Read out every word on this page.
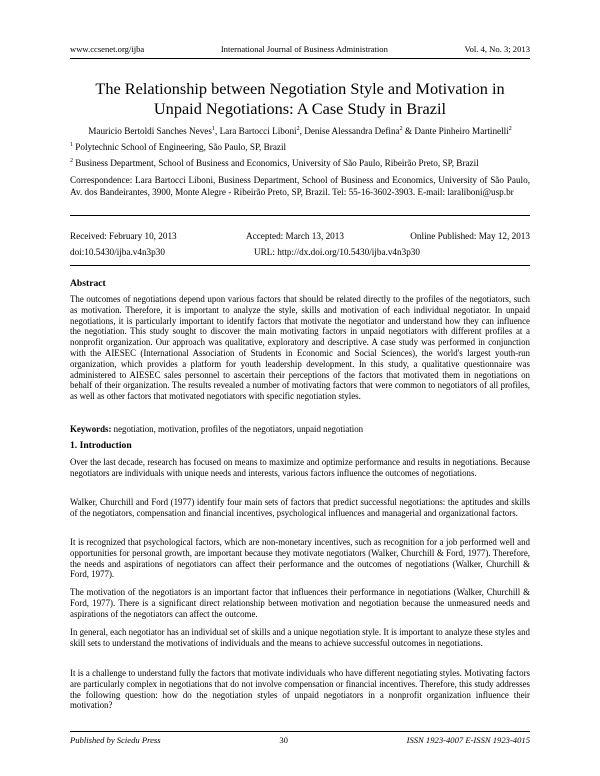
www.ccsenet.org/ijba	International Journal of Business Administration	Vol. 4, No. 3; 2013
The Relationship between Negotiation Style and Motivation in Unpaid Negotiations: A Case Study in Brazil
Mauricio Bertoldi Sanches Neves$^1$, Lara Bartocci Liboni$^2$, Denise Alessandra Defina$^2$ & Dante Pinheiro Martinelli$^2$
$^1$ Polytechnic School of Engineering, São Paulo, SP, Brazil
$^2$ Business Department, School of Business and Economics, University of São Paulo, Ribeirão Preto, SP, Brazil
Correspondence: Lara Bartocci Liboni, Business Department, School of Business and Economics, University of São Paulo, Av. dos Bandeirantes, 3900, Monte Alegre - Ribeirão Preto, SP, Brazil. Tel: 55-16-3602-3903. E-mail: laraliboni@usp.br
Received: February 10, 2013	Accepted: March 13, 2013	Online Published: May 12, 2013
doi:10.5430/ijba.v4n3p30	URL: http://dx.doi.org/10.5430/ijba.v4n3p30
Abstract
The outcomes of negotiations depend upon various factors that should be related directly to the profiles of the negotiators, such as motivation. Therefore, it is important to analyze the style, skills and motivation of each individual negotiator. In unpaid negotiations, it is particularly important to identify factors that motivate the negotiator and understand how they can influence the negotiation. This study sought to discover the main motivating factors in unpaid negotiators with different profiles at a nonprofit organization. Our approach was qualitative, exploratory and descriptive. A case study was performed in conjunction with the AIESEC (International Association of Students in Economic and Social Sciences), the world's largest youth-run organization, which provides a platform for youth leadership development. In this study, a qualitative questionnaire was administered to AIESEC sales personnel to ascertain their perceptions of the factors that motivated them in negotiations on behalf of their organization. The results revealed a number of motivating factors that were common to negotiators of all profiles, as well as other factors that motivated negotiators with specific negotiation styles.
Keywords: negotiation, motivation, profiles of the negotiators, unpaid negotiation
1. Introduction
Over the last decade, research has focused on means to maximize and optimize performance and results in negotiations. Because negotiators are individuals with unique needs and interests, various factors influence the outcomes of negotiations.
Walker, Churchill and Ford (1977) identify four main sets of factors that predict successful negotiations: the aptitudes and skills of the negotiators, compensation and financial incentives, psychological influences and managerial and organizational factors.
It is recognized that psychological factors, which are non-monetary incentives, such as recognition for a job performed well and opportunities for personal growth, are important because they motivate negotiators (Walker, Churchill & Ford, 1977). Therefore, the needs and aspirations of negotiators can affect their performance and the outcomes of negotiations (Walker, Churchill & Ford, 1977).
The motivation of the negotiators is an important factor that influences their performance in negotiations (Walker, Churchill & Ford, 1977). There is a significant direct relationship between motivation and negotiation because the unmeasured needs and aspirations of the negotiators can affect the outcome.
In general, each negotiator has an individual set of skills and a unique negotiation style. It is important to analyze these styles and skill sets to understand the motivations of individuals and the means to achieve successful outcomes in negotiations.
It is a challenge to understand fully the factors that motivate individuals who have different negotiating styles. Motivating factors are particularly complex in negotiations that do not involve compensation or financial incentives. Therefore, this study addresses the following question: how do the negotiation styles of unpaid negotiators in a nonprofit organization influence their motivation?
Published by Sciedu Press	30	ISSN 1923-4007 E-ISSN 1923-4015
